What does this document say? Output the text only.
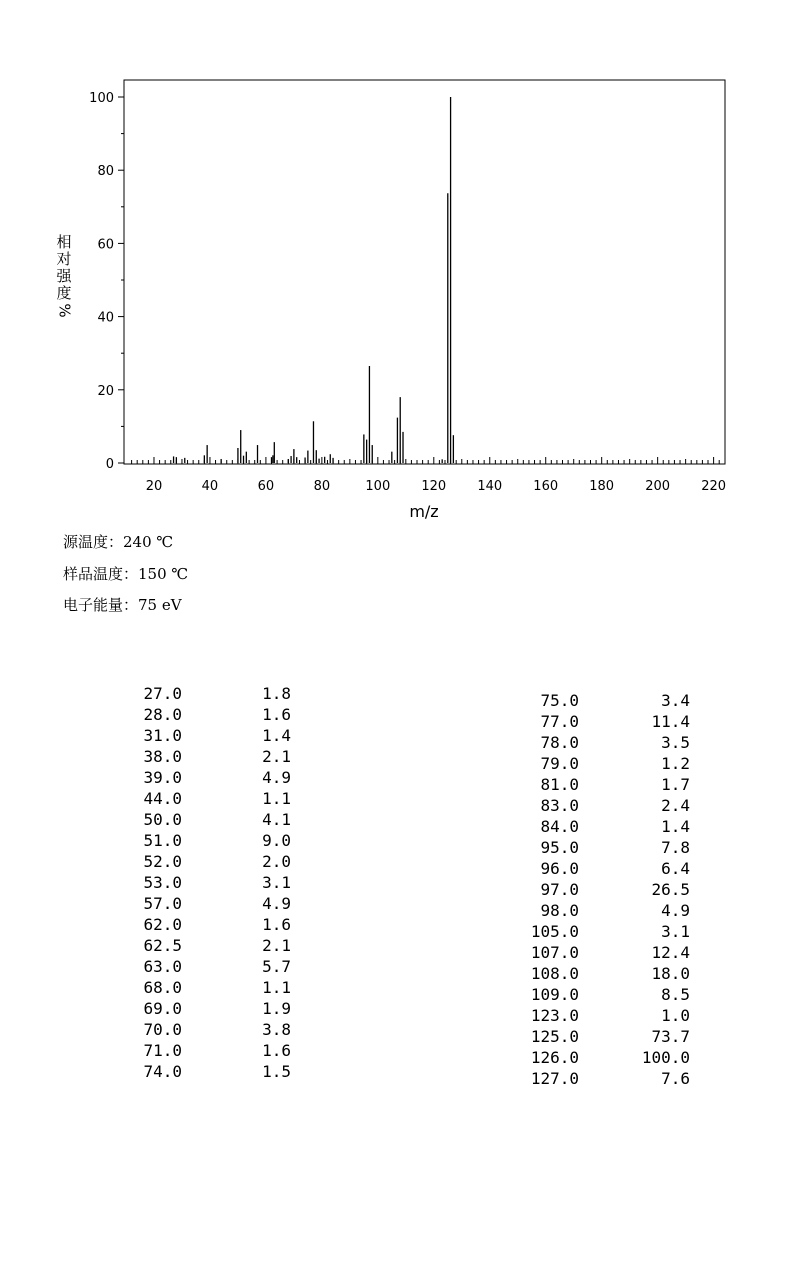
0
20
40
60
80
100
20	40	60	80	100 120 140 160 180 200 220
m/z
相
对
强
度
%
源温度：240 ℃
样品温度：150 ℃
电子能量：75 eV
27.0	1.8
28.0	1.6
31.0	1.4
38.0	2.1
39.0	4.9
44.0	1.1
50.0	4.1
51.0	9.0
52.0	2.0
53.0	3.1
57.0	4.9
62.0	1.6
62.5	2.1
63.0	5.7
68.0	1.1
69.0	1.9
70.0	3.8
71.0	1.6
74.0	1.5
75.0	3.4
77.0	11.4
78.0	3.5
79.0	1.2
81.0	1.7
83.0	2.4
84.0	1.4
95.0	7.8
96.0	6.4
97.0	26.5
98.0	4.9
105.0	3.1
107.0	12.4
108.0	18.0
109.0	8.5
123.0	1.0
125.0	73.7
126.0	100.0
127.0	7.6
